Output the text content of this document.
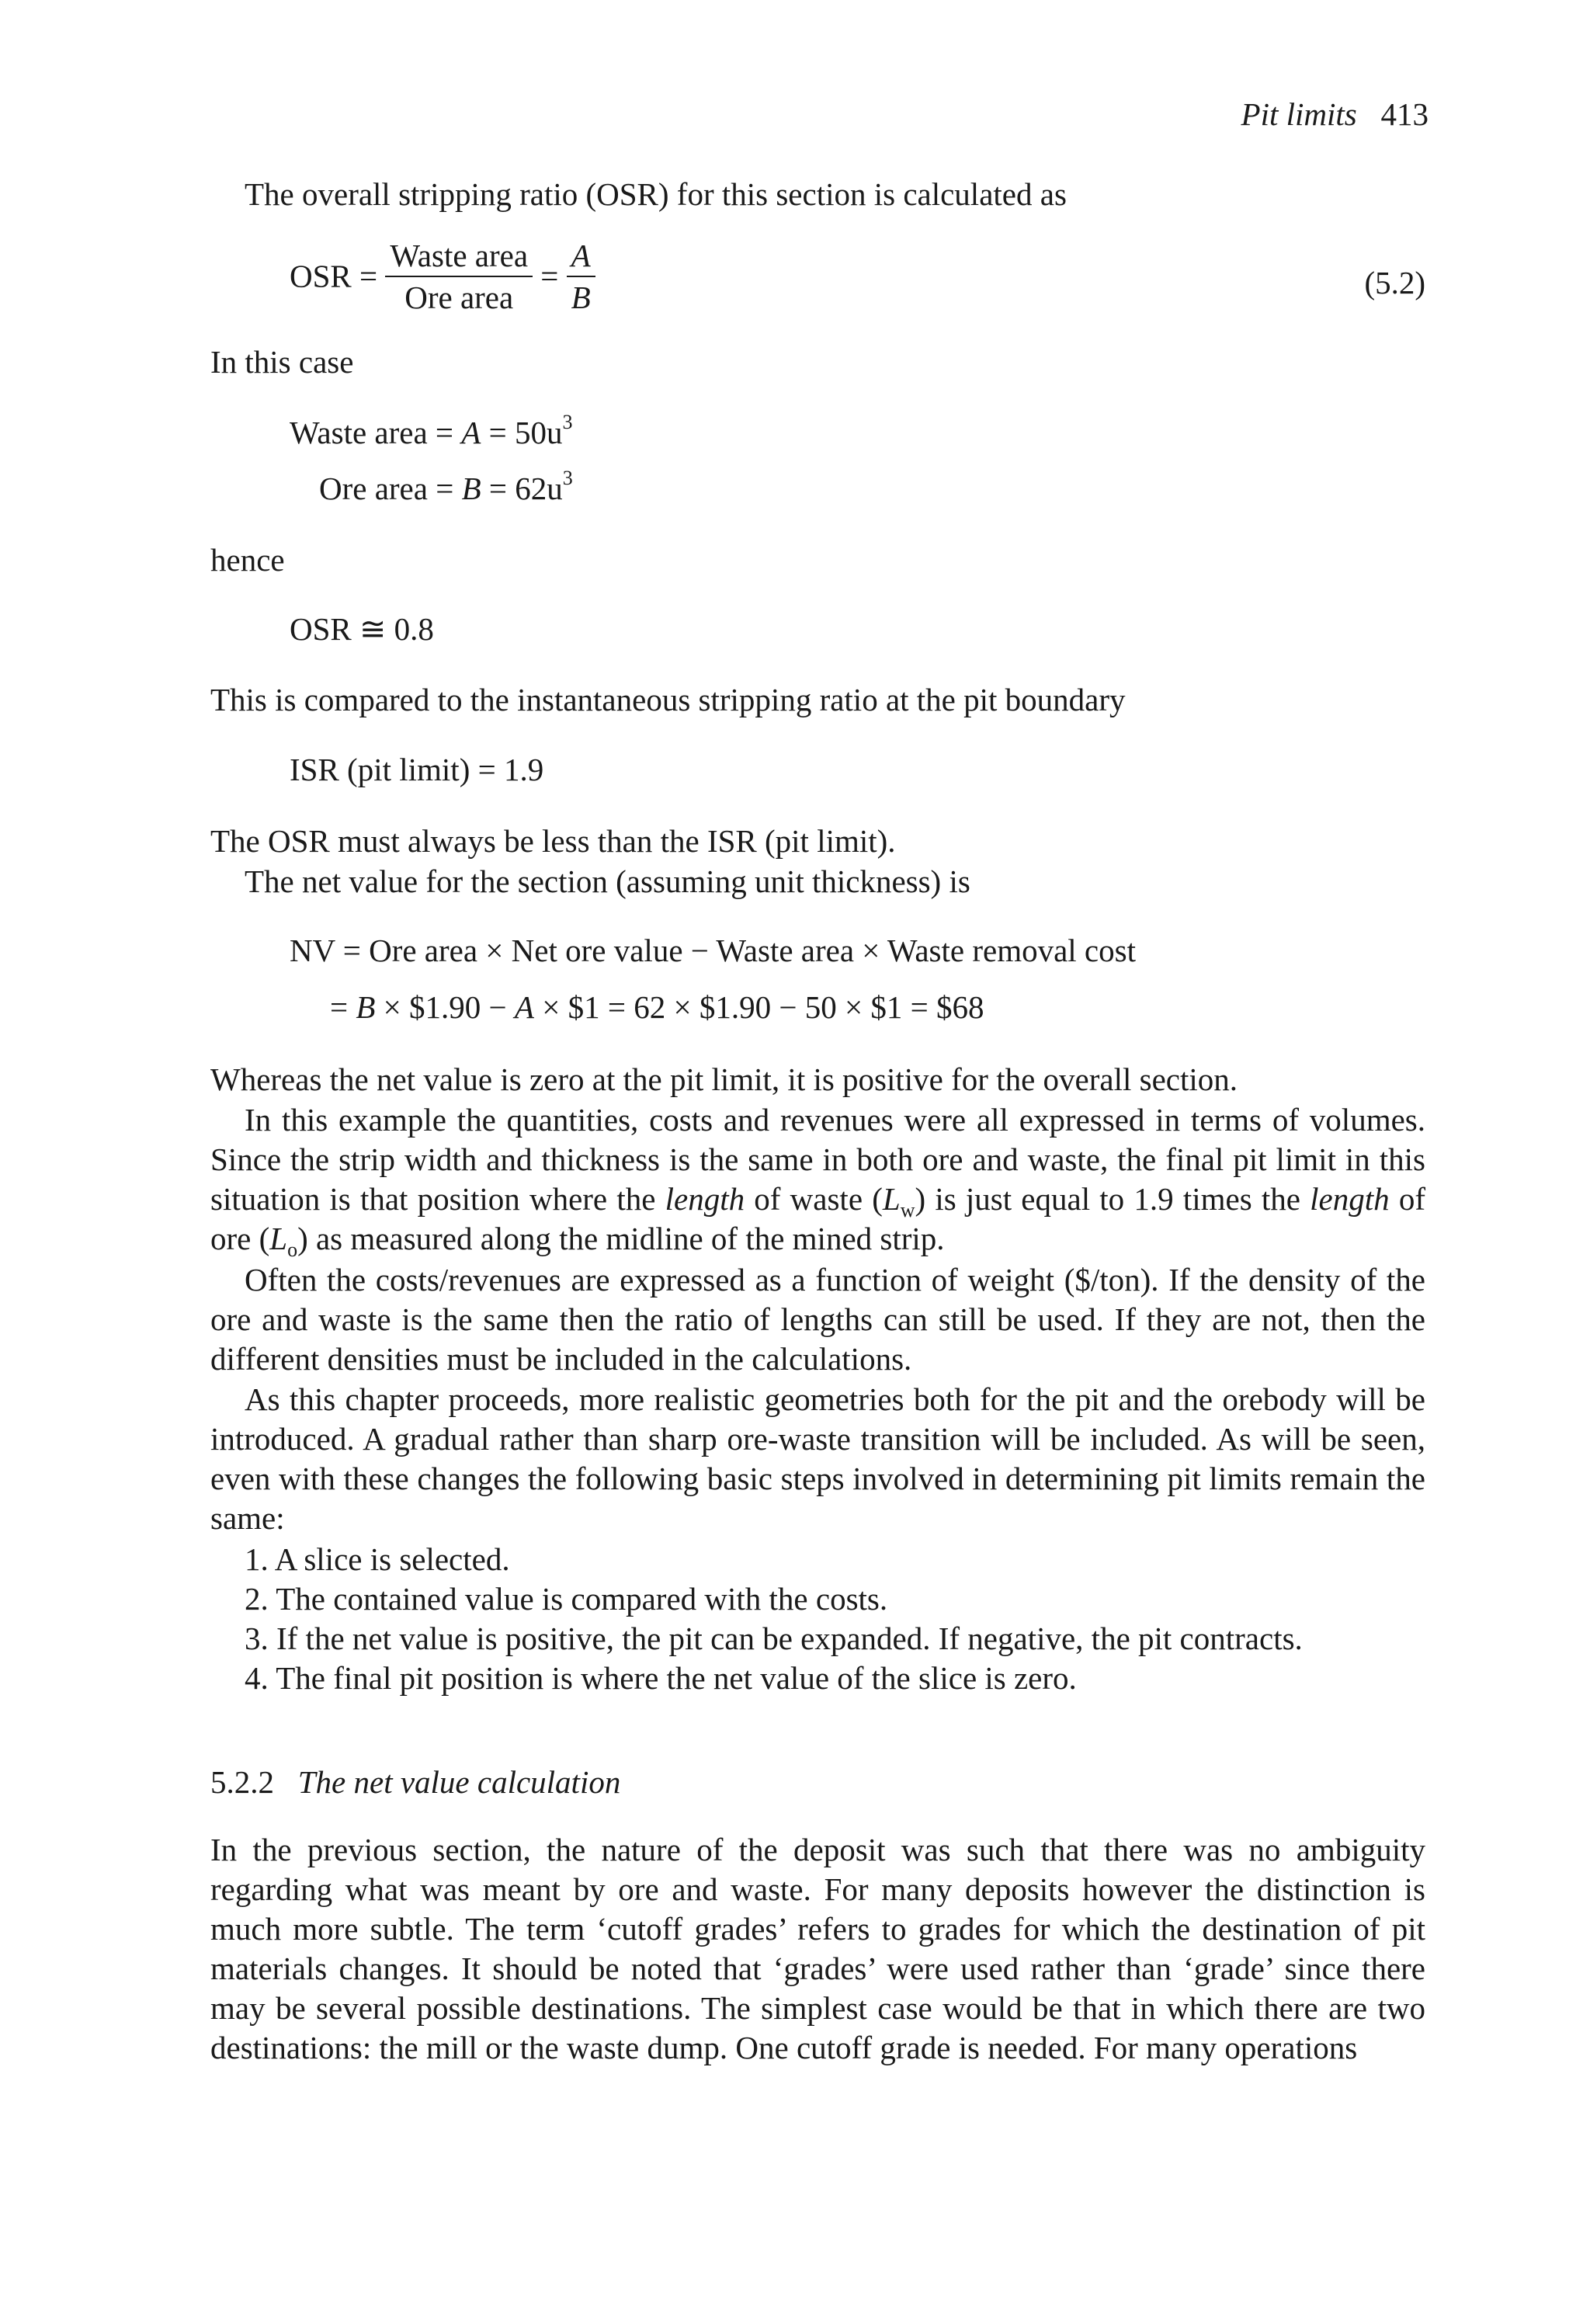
Pit limits 413
The overall stripping ratio (OSR) for this section is calculated as
OSR = $\frac{\text{Waste area}}{\text{Ore area}} = \frac{A}{B}$	(5.2)
In this case
Waste area = $A = 50u^3$
Ore area = $B = 62u^3$
hence
OSR ≅ 0.8
This is compared to the instantaneous stripping ratio at the pit boundary
ISR (pit limit) = 1.9
The OSR must always be less than the ISR (pit limit).
The net value for the section (assuming unit thickness) is
NV = Ore area × Net ore value − Waste area × Waste removal cost
= B × $1.90 − A × $1 = 62 × $1.90 − 50 × $1 = $68
Whereas the net value is zero at the pit limit, it is positive for the overall section.
In this example the quantities, costs and revenues were all expressed in terms of volumes. Since the strip width and thickness is the same in both ore and waste, the final pit limit in this situation is that position where the length of waste $(L_w)$ is just equal to 1.9 times the length of ore $(L_o)$ as measured along the midline of the mined strip.
Often the costs/revenues are expressed as a function of weight ($/ton). If the density of the ore and waste is the same then the ratio of lengths can still be used. If they are not, then the different densities must be included in the calculations.
As this chapter proceeds, more realistic geometries both for the pit and the orebody will be introduced. A gradual rather than sharp ore-waste transition will be included. As will be seen, even with these changes the following basic steps involved in determining pit limits remain the same:
1. A slice is selected.
2. The contained value is compared with the costs.
3. If the net value is positive, the pit can be expanded. If negative, the pit contracts.
4. The final pit position is where the net value of the slice is zero.
5.2.2 The net value calculation
In the previous section, the nature of the deposit was such that there was no ambiguity regarding what was meant by ore and waste. For many deposits however the distinction is much more subtle. The term ‘cutoff grades’ refers to grades for which the destination of pit materials changes. It should be noted that ‘grades’ were used rather than ‘grade’ since there may be several possible destinations. The simplest case would be that in which there are two destinations: the mill or the waste dump. One cutoff grade is needed. For many operations
